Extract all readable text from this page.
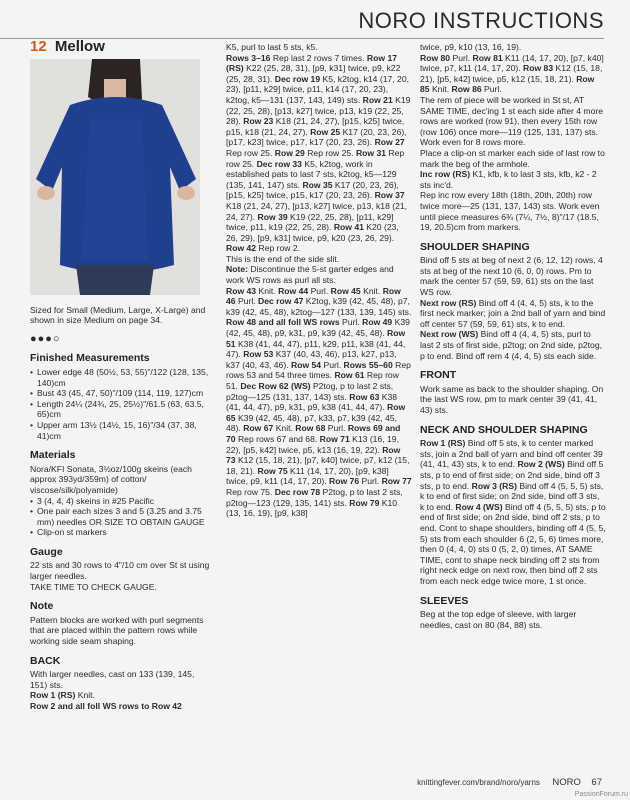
NORO INSTRUCTIONS
12 Mellow

Sized for Small (Medium, Large, X-Large) and shown in size Medium on page 34.

●●●○
Finished Measurements
• Lower edge 48 (50½, 53, 55)"/122 (128, 135, 140)cm
• Bust 43 (45, 47, 50)"/109 (114, 119, 127)cm
• Length 24¼ (24¾, 25, 25½)"/61.5 (63, 63.5, 65)cm
• Upper arm 13½ (14½, 15, 16)"/34 (37, 38, 41)cm
Materials

Nora/KFI Sonata, 3½oz/100g skeins (each approx 393yd/359m) of cotton/ viscose/silk/polyamide)

• 3 (4, 4, 4) skeins in #25 Pacific
• One pair each sizes 3 and 5 (3.25 and 3.75 mm) needles OR SIZE TO OBTAIN GAUGE
• Clip-on st markers
Gauge

22 sts and 30 rows to 4"/10 cm over St st using larger needles.

TAKE TIME TO CHECK GAUGE.

Note

Pattern blocks are worked with purl segments that are placed within the pattern rows while working side seam shaping.

BACK

With larger needles, cast on 133 (139, 145, 151) sts.

Row 1 (RS) Knit.

Row 2 and all foll WS rows to Row 42

K5, purl to last 5 sts, k5.

Rows 3–16 Rep last 2 rows 7 times. Row 17 (RS) K22 (25, 28, 31), [p9, k31] twice, p9, k22 (25, 28, 31). Dec row 19 K5, k2tog, k14 (17, 20, 23), [p11, k29] twice, p11, k14 (17, 20, 23), k2tog, k5—131 (137, 143, 149) sts. Row 21 K19 (22, 25, 28), [p13, k27] twice, p13, k19 (22, 25, 28). Row 23 K18 (21, 24, 27), [p15, k25] twice, p15, k18 (21, 24, 27). Row 25 K17 (20, 23, 26), [p17, k23] twice, p17, k17 (20, 23, 26). Row 27 Rep row 25. Row 29 Rep row 25. Row 31 Rep row 25. Dec row 33 K5, k2tog, work in established pats to last 7 sts, k2tog, k5—129 (135, 141, 147) sts. Row 35 K17 (20, 23, 26), [p15, k25] twice, p15, k17 (20, 23, 26). Row 37 K18 (21, 24, 27), [p13, k27] twice, p13, k18 (21, 24, 27). Row 39 K19 (22, 25, 28), [p11, k29] twice, p11, k19 (22, 25, 28). Row 41 K20 (23, 26, 29), [p9, k31] twice, p9, k20 (23, 26, 29). Row 42 Rep row 2.

This is the end of the side slit.

Note: Discontinue the 5-st garter edges and work WS rows as purl all sts.

Row 43 Knit. Row 44 Purl. Row 45 Knit. Row 46 Purl. Dec row 47 K2tog, k39 (42, 45, 48), p7, k39 (42, 45, 48), k2tog—127 (133, 139, 145) sts. Row 48 and all foll WS rows Purl. Row 49 K39 (42, 45, 48), p9, k31, p9, k39 (42, 45, 48). Row 51 K38 (41, 44, 47), p11, k29, p11, k38 (41, 44, 47). Row 53 K37 (40, 43, 46), p13, k27, p13, k37 (40, 43, 46). Row 54 Purl. Rows 55–60 Rep rows 53 and 54 three times. Row 61 Rep row 51. Dec Row 62 (WS) P2tog, p to last 2 sts, p2tog—125 (131, 137, 143) sts. Row 63 K38 (41, 44, 47), p9, k31, p9, k38 (41, 44, 47). Row 65 K39 (42, 45, 48), p7, k33, p7, k39 (42, 45, 48). Row 67 Knit. Row 68 Purl. Rows 69 and 70 Rep rows 67 and 68. Row 71 K13 (16, 19, 22), [p5, k42] twice, p5, k13 (16, 19, 22). Row 73 K12 (15, 18, 21), [p7, k40] twice, p7, k12 (15, 18, 21). Row 75 K11 (14, 17, 20), [p9, k38] twice, p9, k11 (14, 17, 20). Row 76 Purl. Row 77 Rep row 75. Dec row 78 P2tog, p to last 2 sts, p2tog—123 (129, 135, 141) sts. Row 79 K10 (13, 16, 19), [p9, k38]

twice, p9, k10 (13, 16, 19).

Row 80 Purl. Row 81 K11 (14, 17, 20), [p7, k40] twice, p7, k11 (14, 17, 20). Row 83 K12 (15, 18, 21), [p5, k42] twice, p5, k12 (15, 18, 21). Row 85 Knit. Row 86 Purl.

The rem of piece will be worked in St st, AT SAME TIME, dec'ing 1 st each side after 4 more rows are worked (row 91), then every 15th row (row 106) once more—119 (125, 131, 137) sts.

Work even for 8 rows more.

Place a clip-on st marker each side of last row to mark the beg of the armhole.

Inc row (RS) K1, kfb, k to last 3 sts, kfb, k2 - 2 sts inc'd.

Rep inc row every 18th (18th, 20th, 20th) row twice more—25 (131, 137, 143) sts. Work even until piece measures 6¾ (7¼, 7½, 8)"/17 (18.5, 19, 20.5)cm from markers.

SHOULDER SHAPING

Bind off 5 sts at beg of next 2 (6, 12, 12) rows, 4 sts at beg of the next 10 (6, 0, 0) rows. Pm to mark the center 57 (59, 59, 61) sts on the last WS row.

Next row (RS) Bind off 4 (4, 4, 5) sts, k to the first neck marker; join a 2nd ball of yarn and bind off center 57 (59, 59, 61) sts, k to end.

Next row (WS) Bind off 4 (4, 4, 5) sts, purl to last 2 sts of first side, p2tog; on 2nd side, p2tog, p to end. Bind off rem 4 (4, 4, 5) sts each side.

FRONT

Work same as back to the shoulder shaping. On the last WS row, pm to mark center 39 (41, 41, 43) sts.

NECK AND SHOULDER SHAPING

Row 1 (RS) Bind off 5 sts, k to center marked sts, join a 2nd ball of yarn and bind off center 39 (41, 41, 43) sts, k to end. Row 2 (WS) Bind off 5 sts, p to end of first side; on 2nd side, bind off 3 sts, p to end. Row 3 (RS) Bind off 4 (5, 5, 5) sts, k to end of first side; on 2nd side, bind off 3 sts, k to end. Row 4 (WS) Bind off 4 (5, 5, 5) sts, p to end of first side; on 2nd side, bind off 2 sts, p to end. Cont to shape shoulders, binding off 4 (5, 5, 5) sts from each shoulder 6 (2, 5, 6) times more, then 0 (4, 4, 0) sts 0 (5, 2, 0) times, AT SAME TIME, cont to shape neck binding off 2 sts from right neck edge on next row, then bind off 2 sts from each neck edge twice more, 1 st once.

SLEEVES

Beg at the top edge of sleeve, with larger needles, cast on 80 (84, 88) sts.

knittingfever.com/brand/noro/yarns NORO 67
PassionForum.ru
